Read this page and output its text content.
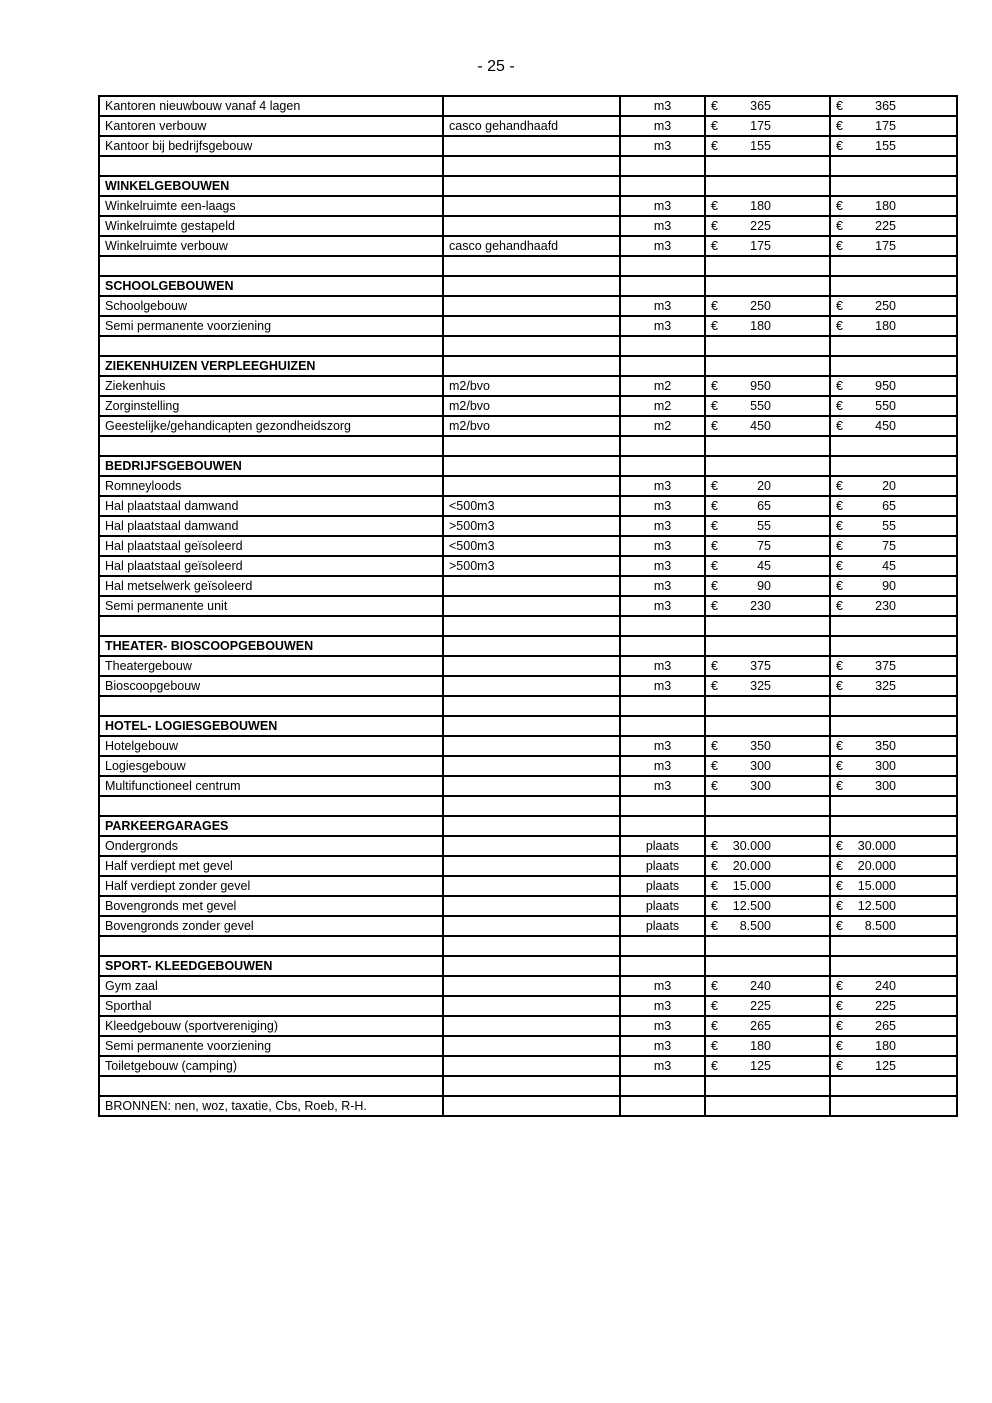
- 25 -
Kantoren nieuwbouw vanaf 4 lagen		m3	€ 365	€ 365
Kantoren verbouw	casco gehandhaafd	m3	€ 175	€ 175
Kantoor bij bedrijfsgebouw		m3	€ 155	€ 155

WINKELGEBOUWEN				
Winkelruimte een-laags		m3	€ 180	€ 180
Winkelruimte gestapeld		m3	€ 225	€ 225
Winkelruimte verbouw	casco gehandhaafd	m3	€ 175	€ 175

SCHOOLGEBOUWEN				
Schoolgebouw		m3	€ 250	€ 250
Semi permanente voorziening		m3	€ 180	€ 180

ZIEKENHUIZEN VERPLEEGHUIZEN				
Ziekenhuis	m2/bvo	m2	€ 950	€ 950
Zorginstelling	m2/bvo	m2	€ 550	€ 550
Geestelijke/gehandicapten gezondheidszorg	m2/bvo	m2	€ 450	€ 450

BEDRIJFSGEBOUWEN				
Romneyloods		m3	€ 20	€ 20
Hal plaatstaal damwand	<500m3	m3	€ 65	€ 65
Hal plaatstaal damwand	>500m3	m3	€ 55	€ 55
Hal plaatstaal geïsoleerd	<500m3	m3	€ 75	€ 75
Hal plaatstaal geïsoleerd	>500m3	m3	€ 45	€ 45
Hal metselwerk geïsoleerd		m3	€ 90	€ 90
Semi permanente unit		m3	€ 230	€ 230

THEATER- BIOSCOOPGEBOUWEN				
Theatergebouw		m3	€ 375	€ 375
Bioscoopgebouw		m3	€ 325	€ 325

HOTEL- LOGIESGEBOUWEN				
Hotelgebouw		m3	€ 350	€ 350
Logiesgebouw		m3	€ 300	€ 300
Multifunctioneel centrum		m3	€ 300	€ 300

PARKEERGARAGES				
Ondergronds		plaats	€ 30.000	€ 30.000
Half verdiept met gevel		plaats	€ 20.000	€ 20.000
Half verdiept zonder gevel		plaats	€ 15.000	€ 15.000
Bovengronds met gevel		plaats	€ 12.500	€ 12.500
Bovengronds zonder gevel		plaats	€ 8.500	€ 8.500

SPORT- KLEEDGEBOUWEN				
Gym zaal		m3	€ 240	€ 240
Sporthal		m3	€ 225	€ 225
Kleedgebouw (sportvereniging)		m3	€ 265	€ 265
Semi permanente voorziening		m3	€ 180	€ 180
Toiletgebouw (camping)		m3	€ 125	€ 125

BRONNEN: nen, woz, taxatie, Cbs, Roeb, R-H.				
